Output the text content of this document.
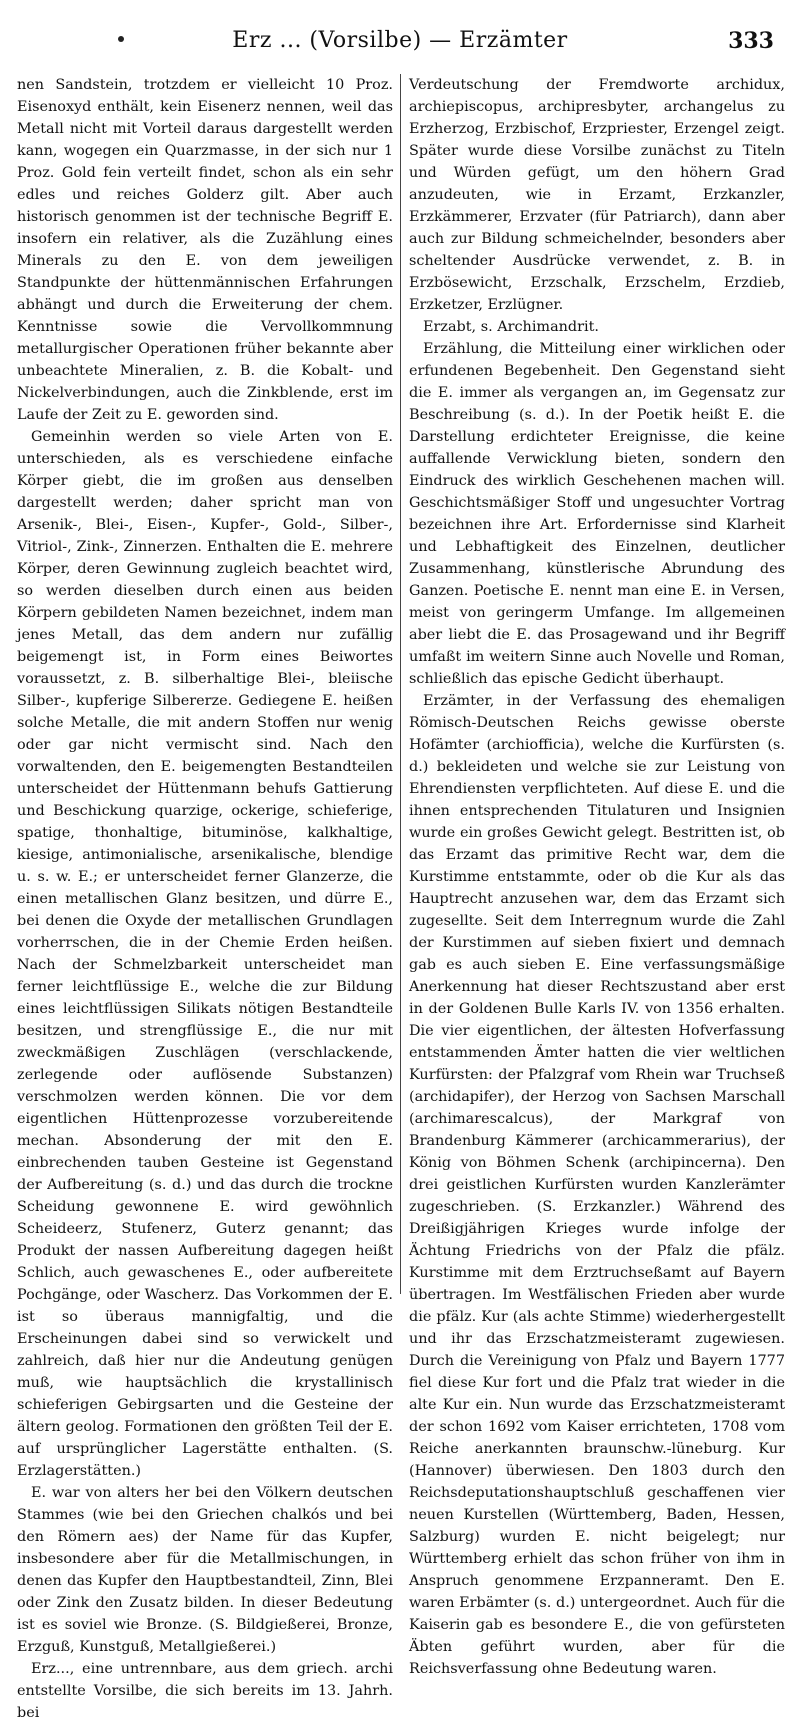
Erz ... (Vorsilbe) — Erzämter	333

nen Sandstein, trotzdem er vielleicht 10 Proz. Eisenoxyd enthält, kein Eisenerz nennen, weil das Metall nicht mit Vorteil daraus dargestellt werden kann, wogegen ein Quarzmasse, in der sich nur 1 Proz. Gold fein verteilt findet, schon als ein sehr edles und reiches Golderz gilt. Aber auch historisch genommen ist der technische Begriff E. insofern ein relativer, als die Zuzählung eines Minerals zu den E. von dem jeweiligen Standpunkte der hüttenmännischen Erfahrungen abhängt und durch die Erweiterung der chem. Kenntnisse sowie die Vervollkommnung metallurgischer Operationen früher bekannte aber unbeachtete Mineralien, z. B. die Kobalt- und Nickelverbindungen, auch die Zinkblende, erst im Laufe der Zeit zu E. geworden sind.

Gemeinhin werden so viele Arten von E. unterschieden, als es verschiedene einfache Körper giebt, die im großen aus denselben dargestellt werden; daher spricht man von Arsenik-, Blei-, Eisen-, Kupfer-, Gold-, Silber-, Vitriol-, Zink-, Zinnerzen. Enthalten die E. mehrere Körper, deren Gewinnung zugleich beachtet wird, so werden dieselben durch einen aus beiden Körpern gebildeten Namen bezeichnet, indem man jenes Metall, das dem andern nur zufällig beigemengt ist, in Form eines Beiwortes voraussetzt, z. B. silberhaltige Blei-, bleiische Silber-, kupferige Silbererze. Gediegene E. heißen solche Metalle, die mit andern Stoffen nur wenig oder gar nicht vermischt sind. Nach den vorwaltenden, den E. beigemengten Bestandteilen unterscheidet der Hüttenmann behufs Gattierung und Beschickung quarzige, ockerige, schieferige, spatige, thonhaltige, bituminöse, kalkhaltige, kiesige, antimonialische, arsenikalische, blendige u. s. w. E.; er unterscheidet ferner Glanzerze, die einen metallischen Glanz besitzen, und dürre E., bei denen die Oxyde der metallischen Grundlagen vorherrschen, die in der Chemie Erden heißen. Nach der Schmelzbarkeit unterscheidet man ferner leichtflüssige E., welche die zur Bildung eines leichtflüssigen Silikats nötigen Bestandteile besitzen, und strengflüssige E., die nur mit zweckmäßigen Zuschlägen (verschlackende, zerlegende oder auflösende Substanzen) verschmolzen werden können. Die vor dem eigentlichen Hüttenprozesse vorzubereitende mechan. Absonderung der mit den E. einbrechenden tauben Gesteine ist Gegenstand der Aufbereitung (s. d.) und das durch die trockne Scheidung gewonnene E. wird gewöhnlich Scheideerz, Stufenerz, Guterz genannt; das Produkt der nassen Aufbereitung dagegen heißt Schlich, auch gewaschenes E., oder aufbereitete Pochgänge, oder Wascherz. Das Vorkommen der E. ist so überaus mannigfaltig, und die Erscheinungen dabei sind so verwickelt und zahlreich, daß hier nur die Andeutung genügen muß, wie hauptsächlich die krystallinisch schieferigen Gebirgsarten und die Gesteine der ältern geolog. Formationen den größten Teil der E. auf ursprünglicher Lagerstätte enthalten. (S. Erzlagerstätten.)

E. war von alters her bei den Völkern deutschen Stammes (wie bei den Griechen chalkós und bei den Römern aes) der Name für das Kupfer, insbesondere aber für die Metallmischungen, in denen das Kupfer den Hauptbestandteil, Zinn, Blei oder Zink den Zusatz bilden. In dieser Bedeutung ist es soviel wie Bronze. (S. Bildgießerei, Bronze, Erzguß, Kunstguß, Metallgießerei.)

Erz..., eine untrennbare, aus dem griech. archi entstellte Vorsilbe, die sich bereits im 13. Jahrh. bei

Verdeutschung der Fremdworte archidux, archiepiscopus, archipresbyter, archangelus zu Erzherzog, Erzbischof, Erzpriester, Erzengel zeigt. Später wurde diese Vorsilbe zunächst zu Titeln und Würden gefügt, um den höhern Grad anzudeuten, wie in Erzamt, Erzkanzler, Erzkämmerer, Erzvater (für Patriarch), dann aber auch zur Bildung schmeichelnder, besonders aber scheltender Ausdrücke verwendet, z. B. in Erzbösewicht, Erzschalk, Erzschelm, Erzdieb, Erzketzer, Erzlügner.

Erzabt, s. Archimandrit.

Erzählung, die Mitteilung einer wirklichen oder erfundenen Begebenheit. Den Gegenstand sieht die E. immer als vergangen an, im Gegensatz zur Beschreibung (s. d.). In der Poetik heißt E. die Darstellung erdichteter Ereignisse, die keine auffallende Verwicklung bieten, sondern den Eindruck des wirklich Geschehenen machen will. Geschichtsmäßiger Stoff und ungesuchter Vortrag bezeichnen ihre Art. Erfordernisse sind Klarheit und Lebhaftigkeit des Einzelnen, deutlicher Zusammenhang, künstlerische Abrundung des Ganzen. Poetische E. nennt man eine E. in Versen, meist von geringerm Umfange. Im allgemeinen aber liebt die E. das Prosagewand und ihr Begriff umfaßt im weitern Sinne auch Novelle und Roman, schließlich das epische Gedicht überhaupt.

Erzämter, in der Verfassung des ehemaligen Römisch-Deutschen Reichs gewisse oberste Hofämter (archiofficia), welche die Kurfürsten (s. d.) bekleideten und welche sie zur Leistung von Ehrendiensten verpflichteten. Auf diese E. und die ihnen entsprechenden Titulaturen und Insignien wurde ein großes Gewicht gelegt. Bestritten ist, ob das Erzamt das primitive Recht war, dem die Kurstimme entstammte, oder ob die Kur als das Hauptrecht anzusehen war, dem das Erzamt sich zugesellte. Seit dem Interregnum wurde die Zahl der Kurstimmen auf sieben fixiert und demnach gab es auch sieben E. Eine verfassungsmäßige Anerkennung hat dieser Rechtszustand aber erst in der Goldenen Bulle Karls IV. von 1356 erhalten. Die vier eigentlichen, der ältesten Hofverfassung entstammenden Ämter hatten die vier weltlichen Kurfürsten: der Pfalzgraf vom Rhein war Truchseß (archidapifer), der Herzog von Sachsen Marschall (archimarescalcus), der Markgraf von Brandenburg Kämmerer (archicammerarius), der König von Böhmen Schenk (archipincerna). Den drei geistlichen Kurfürsten wurden Kanzlerämter zugeschrieben. (S. Erzkanzler.) Während des Dreißigjährigen Krieges wurde infolge der Ächtung Friedrichs von der Pfalz die pfälz. Kurstimme mit dem Erztruchseßamt auf Bayern übertragen. Im Westfälischen Frieden aber wurde die pfälz. Kur (als achte Stimme) wiederhergestellt und ihr das Erzschatzmeisteramt zugewiesen. Durch die Vereinigung von Pfalz und Bayern 1777 fiel diese Kur fort und die Pfalz trat wieder in die alte Kur ein. Nun wurde das Erzschatzmeisteramt der schon 1692 vom Kaiser errichteten, 1708 vom Reiche anerkannten braunschw.-lüneburg. Kur (Hannover) überwiesen. Den 1803 durch den Reichsdeputationshauptschluß geschaffenen vier neuen Kurstellen (Württemberg, Baden, Hessen, Salzburg) wurden E. nicht beigelegt; nur Württemberg erhielt das schon früher von ihm in Anspruch genommene Erzpanneramt. Den E. waren Erbämter (s. d.) untergeordnet. Auch für die Kaiserin gab es besondere E., die von gefürsteten Äbten geführt wurden, aber für die Reichsverfassung ohne Bedeutung waren.
